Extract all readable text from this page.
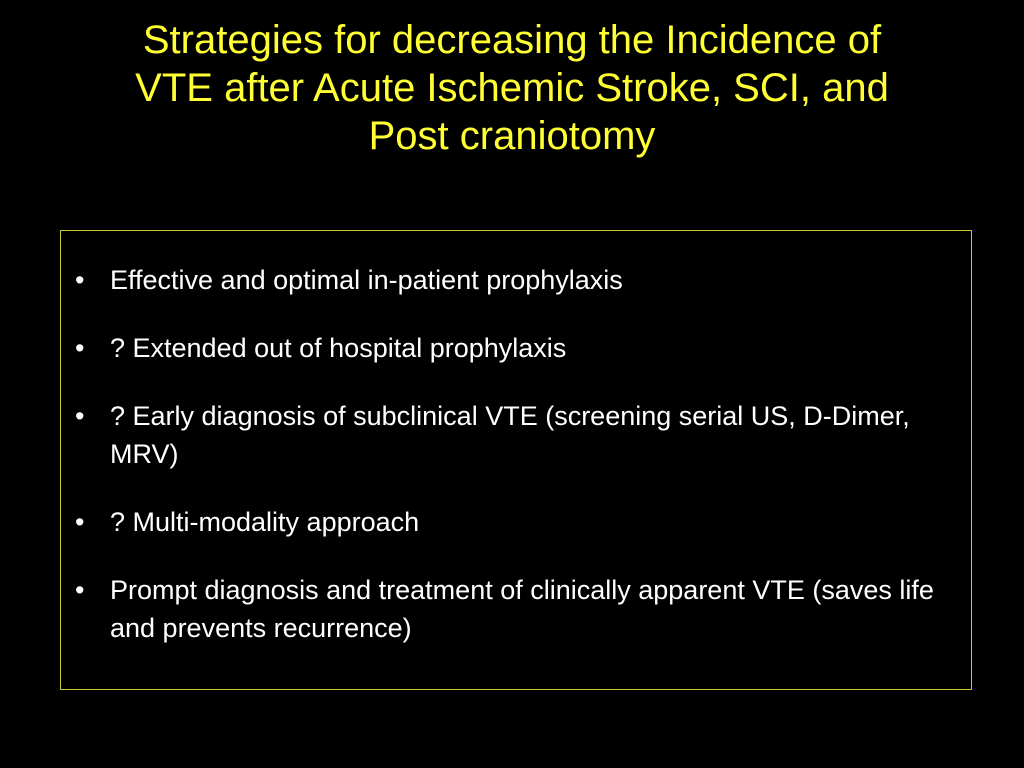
Strategies for decreasing the Incidence of
VTE after Acute Ischemic Stroke, SCI, and
Post craniotomy
• Effective and optimal in-patient prophylaxis
• ? Extended out of hospital prophylaxis
• ? Early diagnosis of subclinical VTE (screening serial US, D-Dimer, MRV)
• ? Multi-modality approach
• Prompt diagnosis and treatment of clinically apparent VTE (saves life and prevents recurrence)
